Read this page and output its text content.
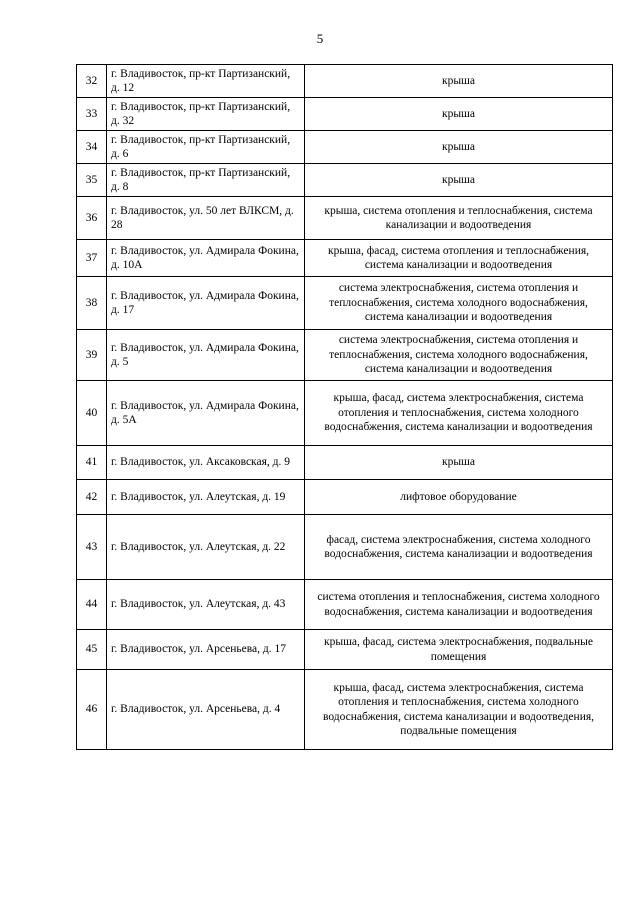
5
32	г. Владивосток, пр-кт Партизанский, д. 12	крыша
33	г. Владивосток, пр-кт Партизанский, д. 32	крыша
34	г. Владивосток, пр-кт Партизанский, д. 6	крыша
35	г. Владивосток, пр-кт Партизанский, д. 8	крыша
36	г. Владивосток, ул. 50 лет ВЛКСМ, д. 28	крыша, система отопления и теплоснабжения, система канализации и водоотведения
37	г. Владивосток, ул. Адмирала Фокина, д. 10А	крыша, фасад, система отопления и теплоснабжения, система канализации и водоотведения
38	г. Владивосток, ул. Адмирала Фокина, д. 17	система электроснабжения, система отопления и теплоснабжения, система холодного водоснабжения, система канализации и водоотведения
39	г. Владивосток, ул. Адмирала Фокина, д. 5	система электроснабжения, система отопления и теплоснабжения, система холодного водоснабжения, система канализации и водоотведения
40	г. Владивосток, ул. Адмирала Фокина, д. 5А	крыша, фасад, система электроснабжения, система отопления и теплоснабжения, система холодного водоснабжения, система канализации и водоотведения
41	г. Владивосток, ул. Аксаковская, д. 9	крыша
42	г. Владивосток, ул. Алеутская, д. 19	лифтовое оборудование
43	г. Владивосток, ул. Алеутская, д. 22	фасад, система электроснабжения, система холодного водоснабжения, система канализации и водоотведения
44	г. Владивосток, ул. Алеутская, д. 43	система отопления и теплоснабжения, система холодного водоснабжения, система канализации и водоотведения
45	г. Владивосток, ул. Арсеньева, д. 17	крыша, фасад, система электроснабжения, подвальные помещения
46	г. Владивосток, ул. Арсеньева, д. 4	крыша, фасад, система электроснабжения, система отопления и теплоснабжения, система холодного водоснабжения, система канализации и водоотведения, подвальные помещения
